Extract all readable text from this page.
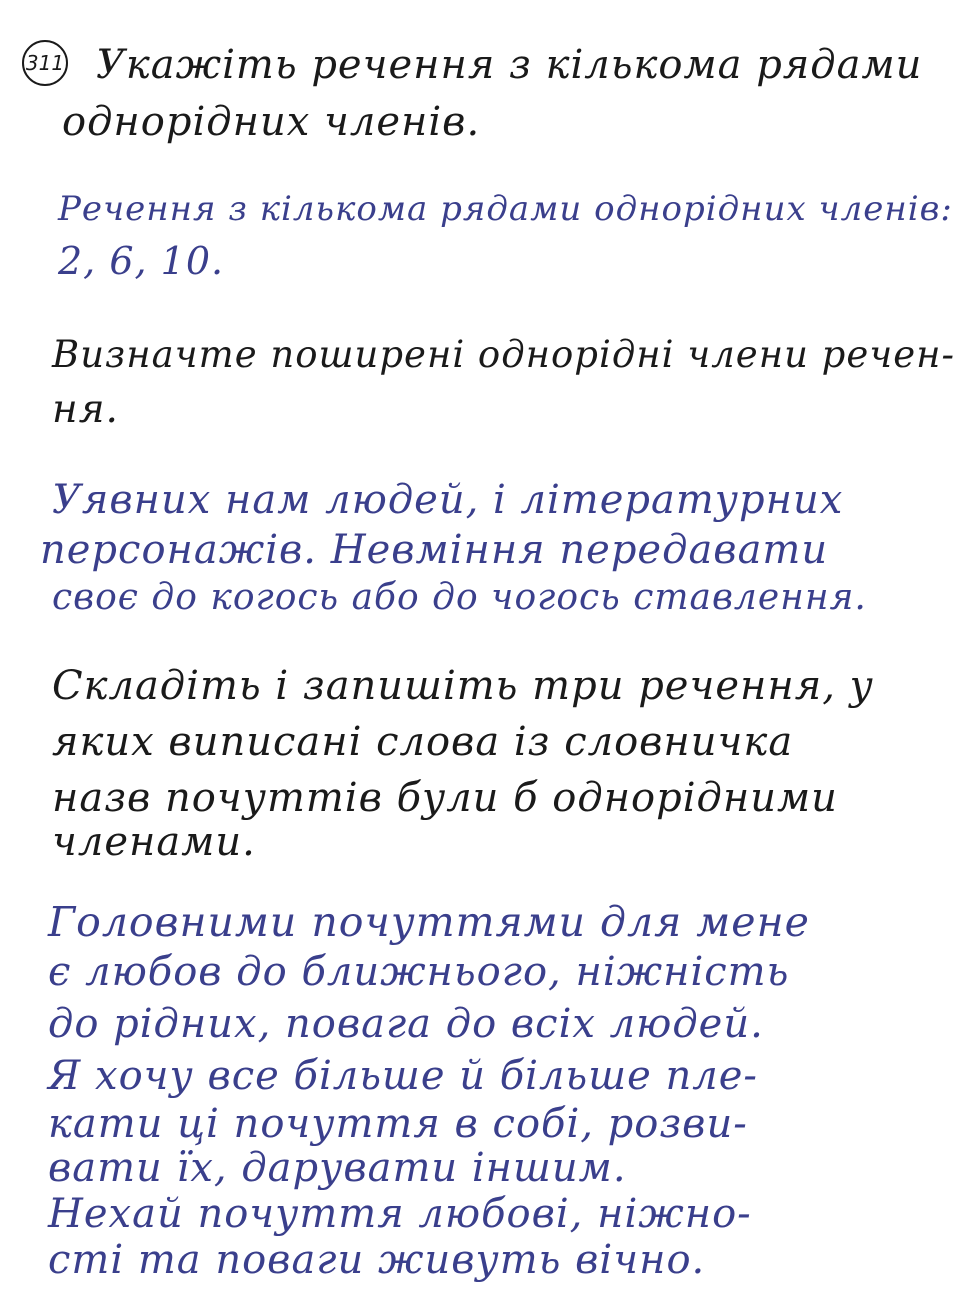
311 Укажіть речення з кількома рядами
однорідних членів.
Речення з кількома рядами однорідних членів:
2, 6, 10.
Визначте поширені однорідні члени речен-
ня.
Уявних нам людей, і літературних
персонажів. Невміння передавати
своє до когось або до чогось ставлення.
Складіть і запишіть три речення, у
яких виписані слова із словничка
назв почуттів були б однорідними
членами.
Головними почуттями для мене
є любов до ближнього, ніжність
до рідних, повага до всіх людей.
Я хочу все більше й більше пле-
кати ці почуття в собі, розви-
вати їх, дарувати іншим.
Нехай почуття любові, ніжно-
сті та поваги живуть вічно.
